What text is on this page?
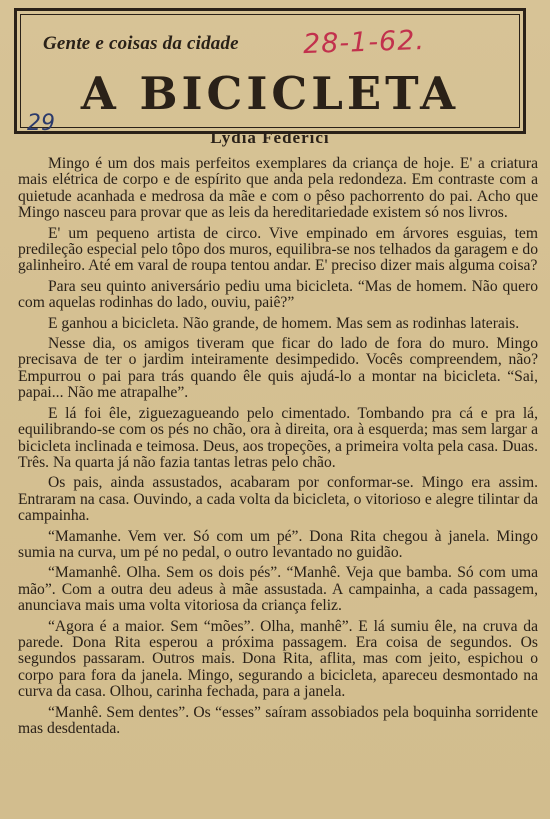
Gente e coisas da cidade 28-1-62.
A BICICLETA
29
Lydia Federici

Mingo é um dos mais perfeitos exemplares da criança de hoje. E' a criatura mais elétrica de corpo e de espírito que anda pela redondeza. Em contraste com a quietude acanhada e medrosa da mãe e com o pêso pachorrento do pai. Acho que Mingo nasceu para provar que as leis da hereditariedade existem só nos livros.

E' um pequeno artista de circo. Vive empinado em árvores esguias, tem predileção especial pelo tôpo dos muros, equilibra-se nos telhados da garagem e do galinheiro. Até em varal de roupa tentou andar. E' preciso dizer mais alguma coisa?

Para seu quinto aniversário pediu uma bicicleta. “Mas de homem. Não quero com aquelas rodinhas do lado, ouviu, paiê?”

E ganhou a bicicleta. Não grande, de homem. Mas sem as rodinhas laterais.

Nesse dia, os amigos tiveram que ficar do lado de fora do muro. Mingo precisava de ter o jardim inteiramente desimpedido. Vocês compreendem, não? Empurrou o pai para trás quando êle quis ajudá-lo a montar na bicicleta. “Sai, papai... Não me atrapalhe”.

E lá foi êle, ziguezagueando pelo cimentado. Tombando pra cá e pra lá, equilibrando-se com os pés no chão, ora à direita, ora à esquerda; mas sem largar a bicicleta inclinada e teimosa. Deus, aos tropeções, a primeira volta pela casa. Duas. Três. Na quarta já não fazia tantas letras pelo chão.

Os pais, ainda assustados, acabaram por conformar-se. Mingo era assim. Entraram na casa. Ouvindo, a cada volta da bicicleta, o vitorioso e alegre tilintar da campainha.

“Mamanhe. Vem ver. Só com um pé”. Dona Rita chegou à janela. Mingo sumia na curva, um pé no pedal, o outro levantado no guidão.

“Mamanhê. Olha. Sem os dois pés”. “Manhê. Veja que bamba. Só com uma mão”. Com a outra deu adeus à mãe assustada. A campainha, a cada passagem, anunciava mais uma volta vitoriosa da criança feliz.

“Agora é a maior. Sem “mões”. Olha, manhê”. E lá sumiu êle, na cruva da parede. Dona Rita esperou a próxima passagem. Era coisa de segundos. Os segundos passaram. Outros mais. Dona Rita, aflita, mas com jeito, espichou o corpo para fora da janela. Mingo, segurando a bicicleta, apareceu desmontado na curva da casa. Olhou, carinha fechada, para a janela.

“Manhê. Sem dentes”. Os “esses” saíram assobiados pela boquinha sorridente mas desdentada.
